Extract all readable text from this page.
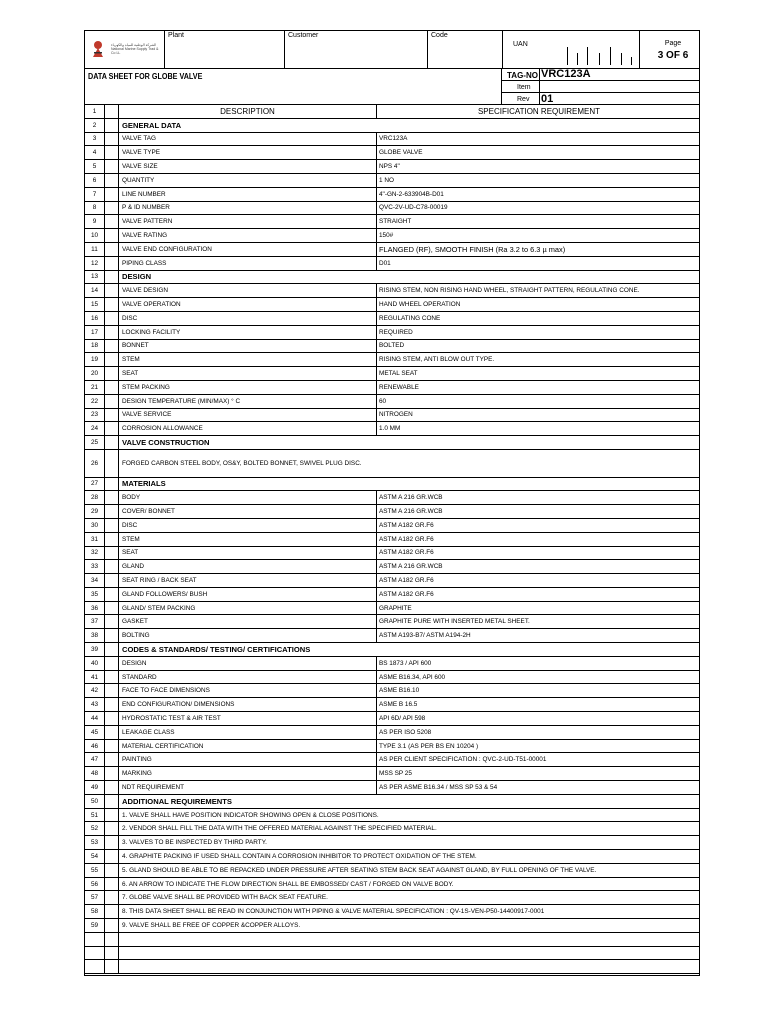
الشركة الوطنية للمياه والكهرباء National Marine Supply Trad & Co LL
Plant	Customer	Code
UAN	Page
3 OF 6
DATA SHEET FOR GLOBE VALVE	TAG-NO VRC123A
Item
Rev 01
1	DESCRIPTION	SPECIFICATION REQUIREMENT
2	GENERAL DATA
3	VALVE TAG	VRC123A
4	VALVE TYPE	GLOBE VALVE
5	VALVE SIZE	NPS 4"
6	QUANTITY	1 NO
7	LINE NUMBER	4"-GN-2-633904B-D01
8	P & ID NUMBER	QVC-2V-UD-C78-00019
9	VALVE PATTERN	STRAIGHT
10	VALVE RATING	150#
11	VALVE END CONFIGURATION	FLANGED (RF), SMOOTH FINISH (Ra 3.2 to 6.3 µ max)
12	PIPING CLASS	D01
13	DESIGN
14	VALVE DESIGN	RISING STEM, NON RISING HAND WHEEL, STRAIGHT PATTERN, REGULATING CONE.
15	VALVE OPERATION	HAND WHEEL OPERATION
16	DISC	REGULATING CONE
17	LOCKING FACILITY	REQUIRED
18	BONNET	BOLTED
19	STEM	RISING STEM, ANTI BLOW OUT TYPE.
20	SEAT	METAL SEAT
21	STEM PACKING	RENEWABLE
22	DESIGN TEMPERATURE (MIN/MAX) ° C	60
23	VALVE SERVICE	NITROGEN
24	CORROSION ALLOWANCE	1.0 MM
25	VALVE CONSTRUCTION
26	FORGED CARBON STEEL BODY, OS&Y, BOLTED BONNET, SWIVEL PLUG DISC.
27	MATERIALS
28	BODY	ASTM A 216 GR.WCB
29	COVER/ BONNET	ASTM A 216 GR.WCB
30	DISC	ASTM A182 GR.F6
31	STEM	ASTM A182 GR.F6
32	SEAT	ASTM A182 GR.F6
33	GLAND	ASTM A 216 GR.WCB
34	SEAT RING / BACK SEAT	ASTM A182 GR.F6
35	GLAND FOLLOWERS/ BUSH	ASTM A182 GR.F6
36	GLAND/ STEM PACKING	GRAPHITE
37	GASKET	GRAPHITE PURE WITH INSERTED METAL SHEET.
38	BOLTING	ASTM A193-B7/ ASTM A194-2H
39	CODES & STANDARDS/ TESTING/ CERTIFICATIONS
40	DESIGN	BS 1873 / API 600
41	STANDARD	ASME B16.34, API 600
42	FACE TO FACE DIMENSIONS	ASME B16.10
43	END CONFIGURATION/ DIMENSIONS	ASME B 16.5
44	HYDROSTATIC TEST & AIR TEST	API 6D/ API 598
45	LEAKAGE CLASS	AS PER ISO 5208
46	MATERIAL CERTIFICATION	TYPE 3.1 (AS PER BS EN 10204 )
47	PAINTING	AS PER CLIENT SPECIFICATION : QVC-2-UD-T51-00001
48	MARKING	MSS SP 25
49	NDT REQUIREMENT	AS PER ASME B16.34 / MSS SP 53 & 54
50	ADDITIONAL REQUIREMENTS
51	1. VALVE SHALL HAVE POSITION INDICATOR SHOWING OPEN & CLOSE POSITIONS.
52	2. VENDOR SHALL FILL THE DATA WITH THE OFFERED MATERIAL AGAINST THE SPECIFIED MATERIAL.
53	3. VALVES TO BE INSPECTED BY THIRD PARTY.
54	4. GRAPHITE PACKING IF USED SHALL CONTAIN A CORROSION INHIBITOR TO PROTECT OXIDATION OF THE STEM.
55	5. GLAND SHOULD BE ABLE TO BE REPACKED UNDER PRESSURE AFTER SEATING STEM BACK SEAT AGAINST GLAND, BY FULL OPENING OF THE VALVE.
56	6. AN ARROW TO INDICATE THE FLOW DIRECTION SHALL BE EMBOSSED/ CAST / FORGED ON VALVE BODY.
57	7. GLOBE VALVE SHALL BE PROVIDED WITH BACK SEAT FEATURE.
58	8. THIS DATA SHEET SHALL BE READ IN CONJUNCTION WITH PIPING & VALVE MATERIAL SPECIFICATION : QV-1S-VEN-P50-14400917-0001
59	9. VALVE SHALL BE FREE OF COPPER &COPPER ALLOYS.
